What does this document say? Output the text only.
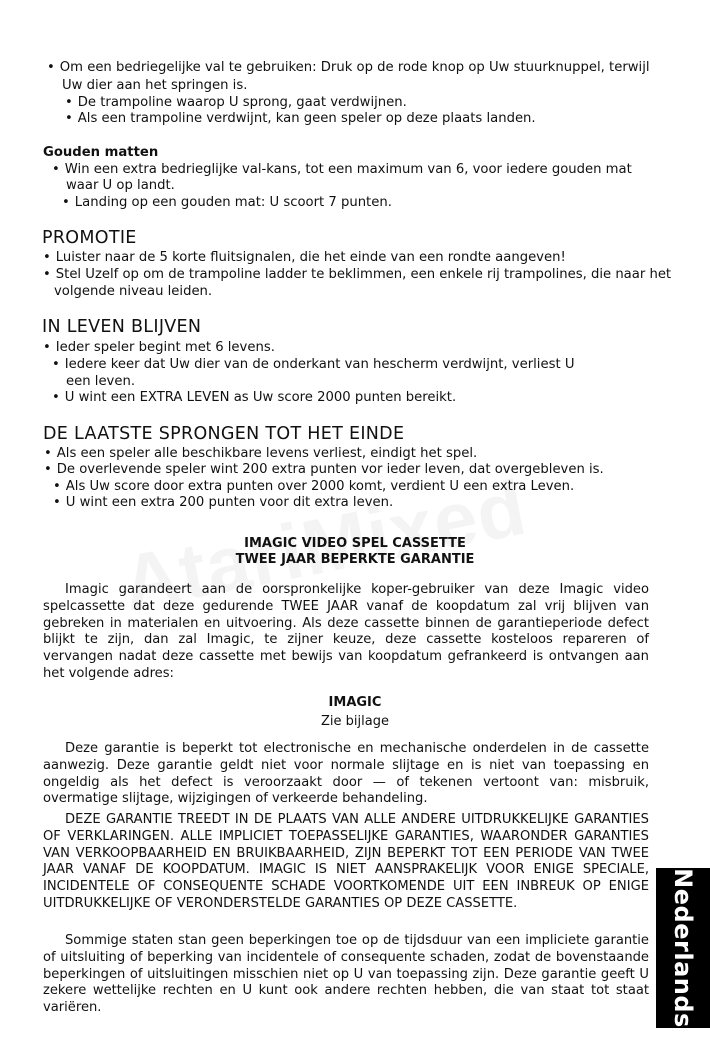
• Om een bedriegelijke val te gebruiken: Druk op de rode knop op Uw stuurknuppel, terwijl
Uw dier aan het springen is.
• De trampoline waarop U sprong, gaat verdwijnen.
• Als een trampoline verdwijnt, kan geen speler op deze plaats landen.
Gouden matten
• Win een extra bedrieglijke val-kans, tot een maximum van 6, voor iedere gouden mat
waar U op landt.
• Landing op een gouden mat: U scoort 7 punten.
PROMOTIE
• Luister naar de 5 korte fluitsignalen, die het einde van een rondte aangeven!
• Stel Uzelf op om de trampoline ladder te beklimmen, een enkele rij trampolines, die naar het
volgende niveau leiden.
IN LEVEN BLIJVEN
• Ieder speler begint met 6 levens.
• Iedere keer dat Uw dier van de onderkant van hescherm verdwijnt, verliest U
een leven.
• U wint een EXTRA LEVEN as Uw score 2000 punten bereikt.
DE LAATSTE SPRONGEN TOT HET EINDE
• Als een speler alle beschikbare levens verliest, eindigt het spel.
• De overlevende speler wint 200 extra punten vor ieder leven, dat overgebleven is.
• Als Uw score door extra punten over 2000 komt, verdient U een extra Leven.
• U wint een extra 200 punten voor dit extra leven.
IMAGIC VIDEO SPEL CASSETTE
TWEE JAAR BEPERKTE GARANTIE
Imagic garandeert aan de oorspronkelijke koper-gebruiker van deze Imagic video spelcassette dat deze gedurende TWEE JAAR vanaf de koopdatum zal vrij blijven van gebreken in materialen en uitvoering. Als deze cassette binnen de garantieperiode defect blijkt te zijn, dan zal Imagic, te zijner keuze, deze cassette kosteloos repareren of vervangen nadat deze cassette met bewijs van koopdatum gefrankeerd is ontvangen aan het volgende adres:
IMAGIC
Zie bijlage
Deze garantie is beperkt tot electronische en mechanische onderdelen in de cassette aanwezig. Deze garantie geldt niet voor normale slijtage en is niet van toepassing en ongeldig als het defect is veroorzaakt door — of tekenen vertoont van: misbruik, overmatige slijtage, wijzigingen of verkeerde behandeling.
DEZE GARANTIE TREEDT IN DE PLAATS VAN ALLE ANDERE UITDRUKKELIJKE GARANTIES OF VERKLARINGEN. ALLE IMPLICIET TOEPASSELIJKE GARANTIES, WAARONDER GARANTIES VAN VERKOOPBAARHEID EN BRUIKBAARHEID, ZIJN BEPERKT TOT EEN PERIODE VAN TWEE JAAR VANAF DE KOOPDATUM. IMAGIC IS NIET AANSPRAKELIJK VOOR ENIGE SPECIALE, INCIDENTELE OF CONSEQUENTE SCHADE VOORTKOMENDE UIT EEN INBREUK OP ENIGE UITDRUKKELIJKE OF VERONDERSTELDE GARANTIES OP DEZE CASSETTE.
Sommige staten stan geen beperkingen toe op de tijdsduur van een impliciete garantie of uitsluiting of beperking van incidentele of consequente schaden, zodat de bovenstaande beperkingen of uitsluitingen misschien niet op U van toepassing zijn. Deze garantie geeft U zekere wettelijke rechten en U kunt ook andere rechten hebben, die van staat tot staat variëren.	Nederlands
